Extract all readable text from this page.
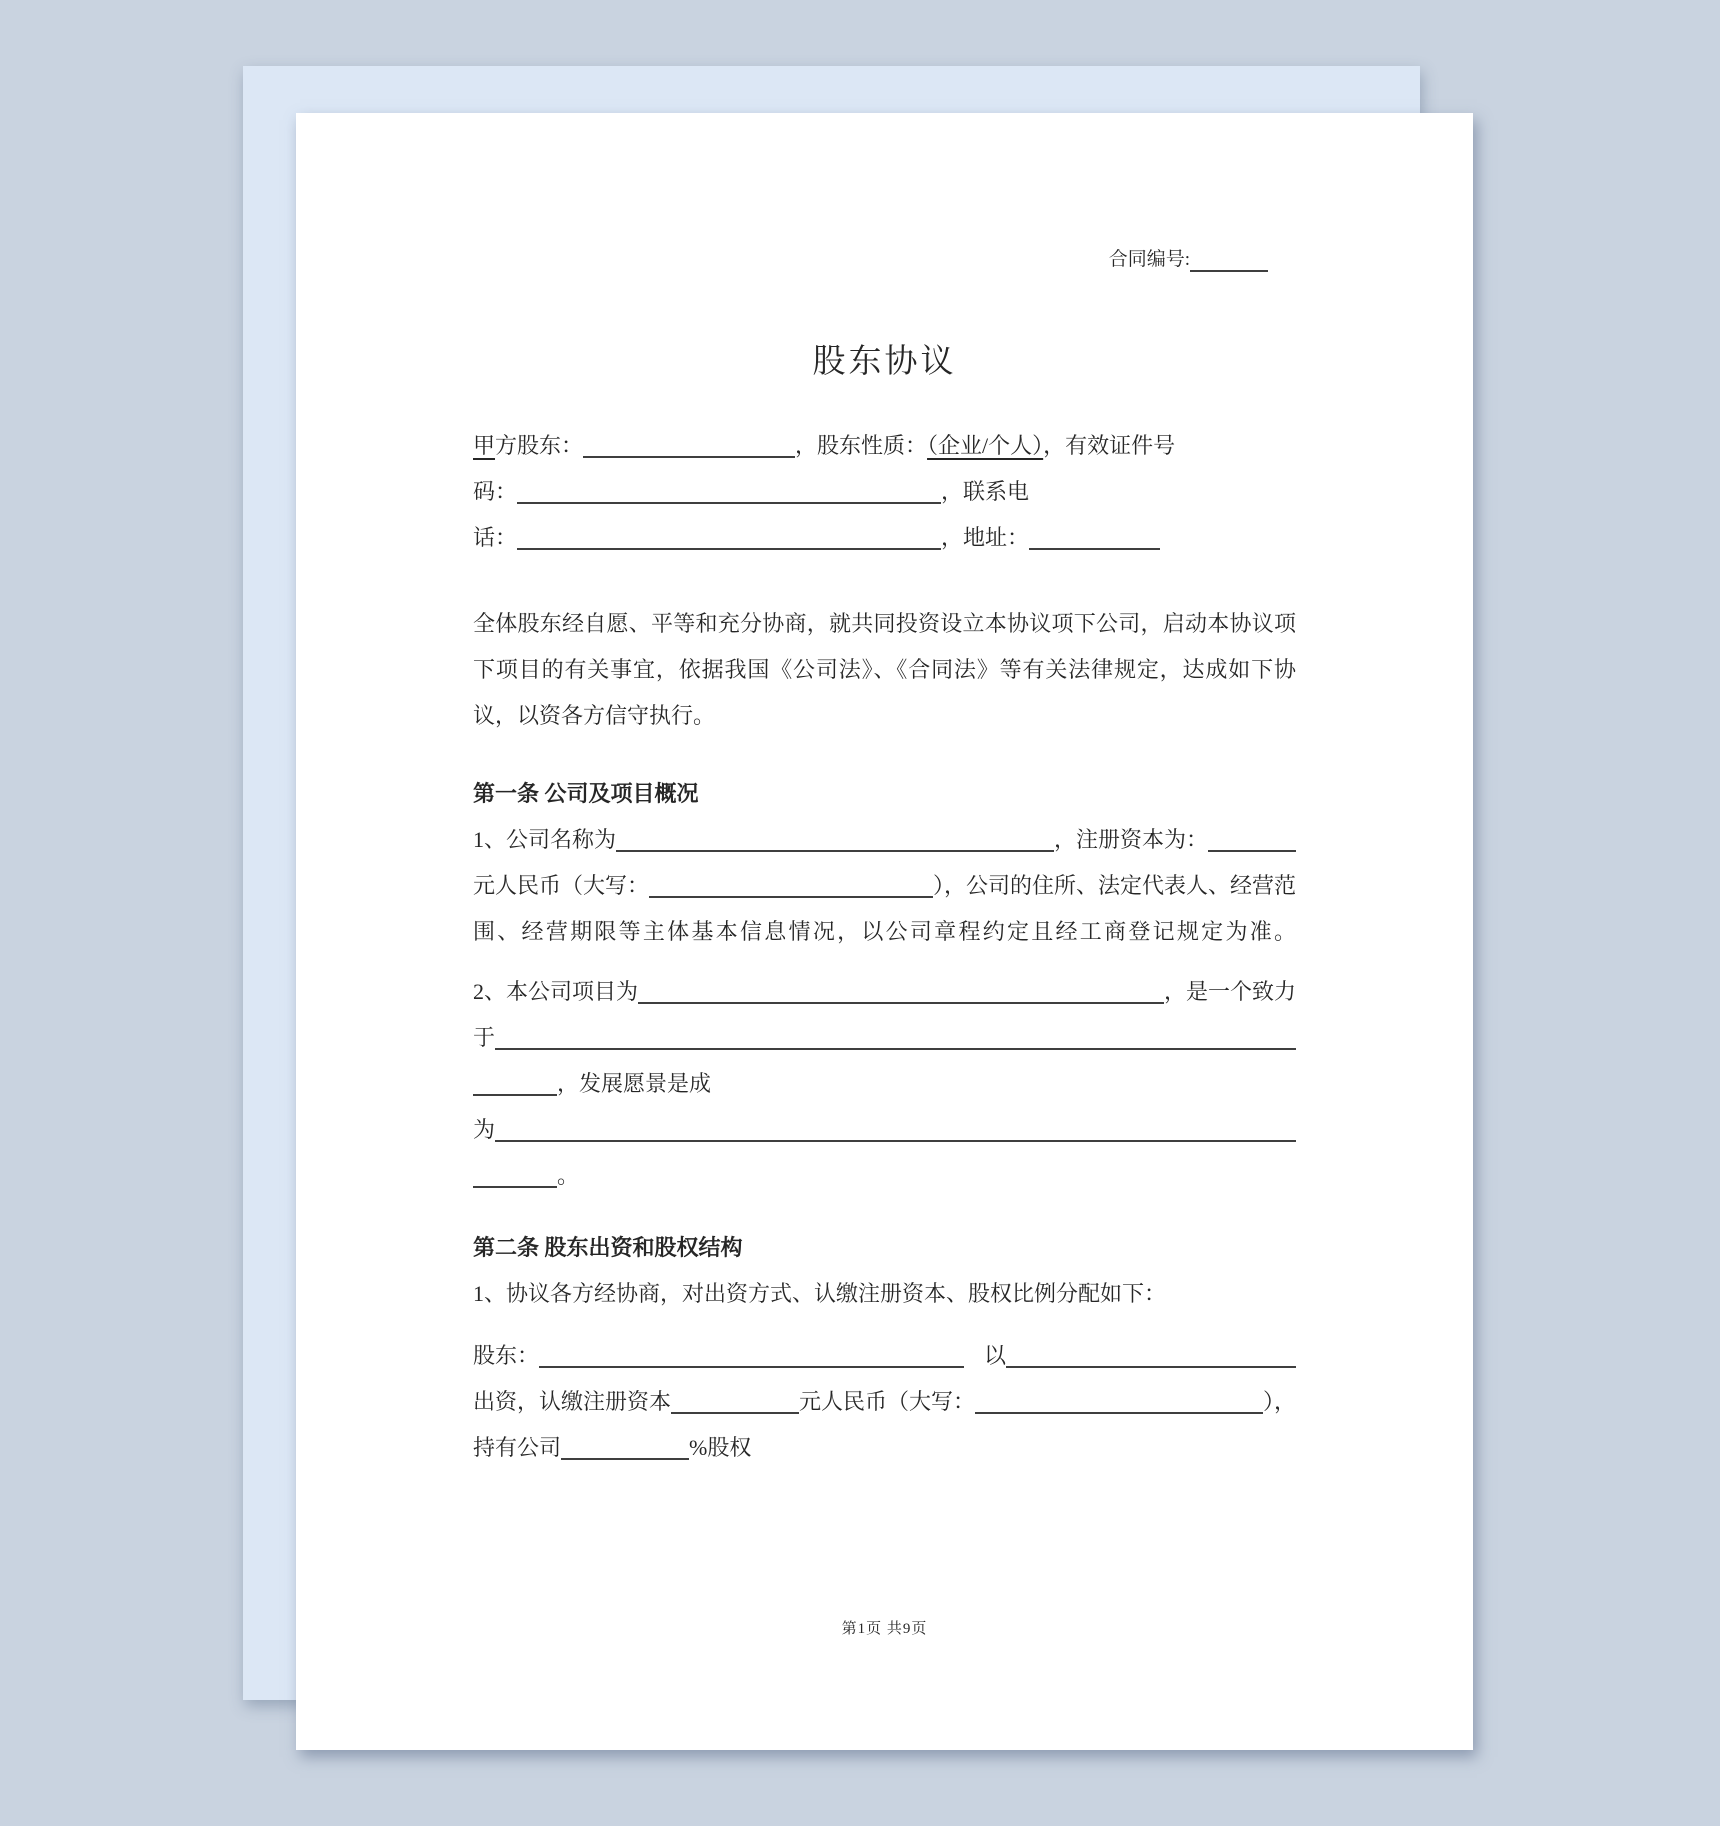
合同编号:
股东协议
甲方股东：	，股东性质：（企业/个人），有效证件号
码：	，联系电
话：	，地址：
全体股东经自愿、平等和充分协商，就共同投资设立本协议项下公司，启动本协议项
下项目的有关事宜，依据我国《公司法》、《合同法》等有关法律规定，达成如下协
议，以资各方信守执行。
第一条 公司及项目概况
1、公司名称为	，注册资本为：
元人民币（大写：	），公司的住所、法定代表人、经营范
围、经营期限等主体基本信息情况，以公司章程约定且经工商登记规定为准。
2、本公司项目为	，是一个致力
于
，发展愿景是成
为
。
第二条 股东出资和股权结构
1、协议各方经协商，对出资方式、认缴注册资本、股权比例分配如下：
股东：	以
出资，认缴注册资本	元人民币（大写：	），
持有公司	%股权
第1页 共9页
